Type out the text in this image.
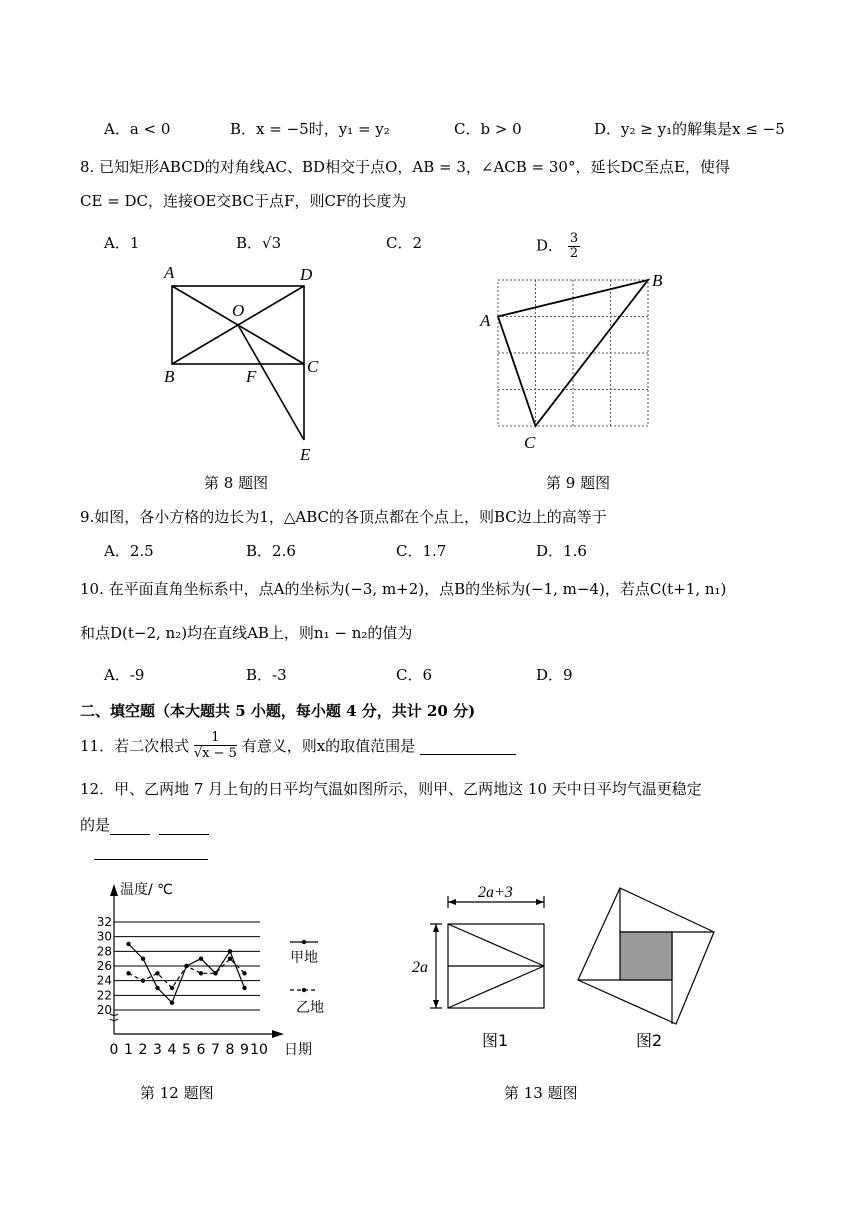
A．a < 0	B．x = −5时，y₁ = y₂	C．b > 0	D．y₂ ≥ y₁的解集是x ≤ −5
8. 已知矩形ABCD的对角线AC、BD相交于点O，AB = 3，∠ACB = 30°，延长DC至点E，使得
CE = DC，连接OE交BC于点F，则CF的长度为
A．1	B．√3	C．2	D． $\frac{3}{2}$
A	D
O
B	F
C
E
第 8 题图
A
B
C
第 9 题图
9.如图，各小方格的边长为1，△ABC的各顶点都在个点上，则BC边上的高等于
A．2.5	B．2.6	C．1.7	D．1.6
10. 在平面直角坐标系中，点A的坐标为(−3, m+2)，点B的坐标为(−1, m−4)，若点C(t+1, n₁)
和点D(t−2, n₂)均在直线AB上，则n₁ − n₂的值为
A．-9	B．-3	C．6	D．9
二、填空题（本大题共 5 小题，每小题 4 分，共计 20 分)
11．若二次根式 $\frac{1}{√x - 5}$ 有意义，则x的取值范围是
12．甲、乙两地 7 月上旬的日平均气温如图所示，则甲、乙两地这 10 天中日平均气温更稳定
的是
温度/ ℃
日期
甲地
乙地
20
22
24
26
28
30
32
0 1 2 3 4 5 6 7 8 9 10
第 12 题图
2a+3
2a
图1	图2
第 13 题图
